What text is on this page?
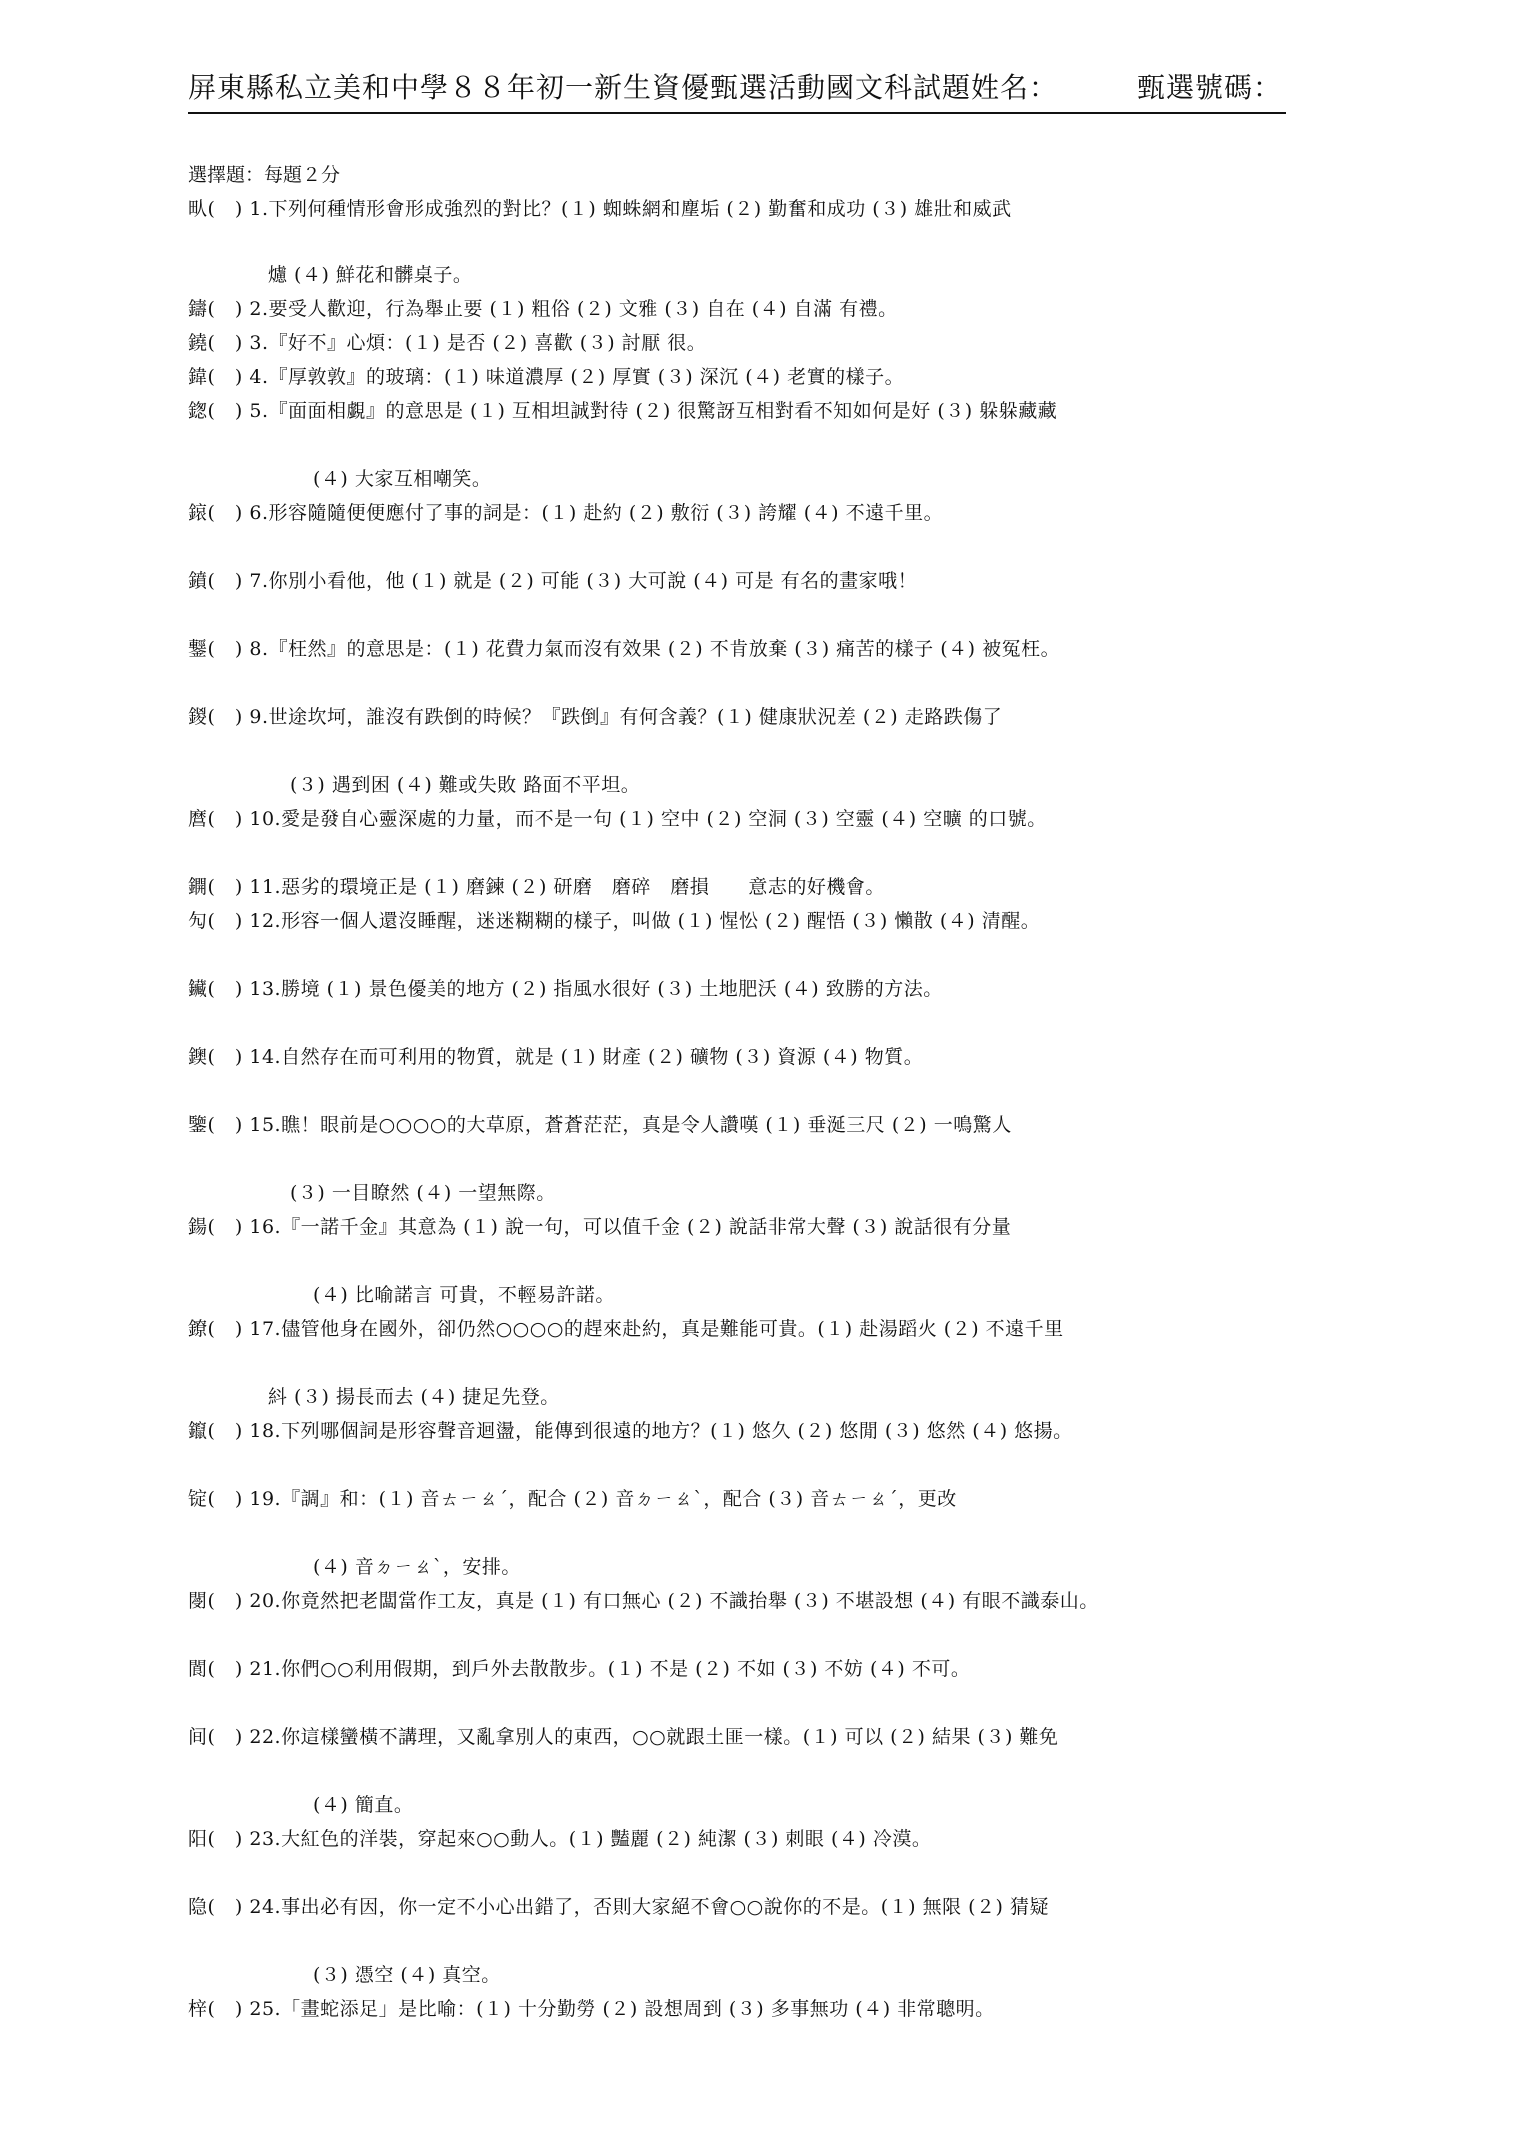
屏東縣私立美和中學８８年初一新生資優甄選活動國文科試題姓名：	甄選號碼：
選擇題：每題２分
㽗(　) 1.下列何種情形會形成強烈的對比？(１) 蜘蛛網和塵垢 (２) 勤奮和成功 (３) 雄壯和威武
爈 (４) 鮮花和髒桌子。
鑄(　) 2.要受人歡迎，行為舉止要 (１) 粗俗 (２) 文雅 (３) 自在 (４) 自滿 有禮。
鐃(　) 3.『好不』心煩：(１) 是否 (２) 喜歡 (３) 討厭 很。
鍏(　) 4.『厚敦敦』的玻璃：(１) 味道濃厚 (２) 厚實 (３) 深沉 (４) 老實的樣子。
鍯(　) 5.『面面相覷』的意思是 (１) 互相坦誠對待 (２) 很驚訝互相對看不知如何是好 (３) 躲躲藏藏
(４) 大家互相嘲笑。
鎄(　) 6.形容隨隨便便應付了事的詞是：(１) 赴約 (２) 敷衍 (３) 誇耀 (４) 不遠千里。
鐼(　) 7.你別小看他，他 (１) 就是 (２) 可能 (３) 大可說 (４) 可是 有名的畫家哦！
鑋(　) 8.『枉然』的意思是：(１) 花費力氣而沒有效果 (２) 不肯放棄 (３) 痛苦的樣子 (４) 被冤枉。
鍐(　) 9.世途坎坷，誰沒有跌倒的時候？『跌倒』有何含義？(１) 健康狀況差 (２) 走路跌傷了
(３) 遇到困 (４) 難或失敗 路面不平坦。
麿(　) 10.愛是發自心靈深處的力量，而不是一句 (１) 空中 (２) 空洞 (３) 空靈 (４) 空曠 的口號。
鐦(　) 11.惡劣的環境正是 (１) 磨鍊 (２) 研磨　磨碎　磨損　　意志的好機會。
勼(　) 12.形容一個人還沒睡醒，迷迷糊糊的樣子，叫做 (１) 惺忪 (２) 醒悟 (３) 懶散 (４) 清醒。
鑶(　) 13.勝境 (１) 景色優美的地方 (２) 指風水很好 (３) 土地肥沃 (４) 致勝的方法。
鐭(　) 14.自然存在而可利用的物質，就是 (１) 財產 (２) 礦物 (３) 資源 (４) 物質。
鑒(　) 15.瞧！眼前是○○○○的大草原，蒼蒼茫茫，真是令人讚嘆 (１) 垂涎三尺 (２) 一鳴驚人
(３) 一目瞭然 (４) 一望無際。
鍚(　) 16.『一諾千金』其意為 (１) 說一句，可以值千金 (２) 說話非常大聲 (３) 說話很有分量
(４) 比喻諾言 可貴，不輕易許諾。
鐐(　) 17.儘管他身在國外，卻仍然○○○○的趕來赴約，真是難能可貴。(１) 赴湯蹈火 (２) 不遠千里
紏 (３) 揚長而去 (４) 捷足先登。
鑹(　) 18.下列哪個詞是形容聲音迴盪，能傳到很遠的地方？(１) 悠久 (２) 悠閒 (３) 悠然 (４) 悠揚。
锭(　) 19.『調』和：(１) 音ㄊㄧㄠˊ，配合 (２) 音ㄉㄧㄠˋ，配合 (３) 音ㄊㄧㄠˊ，更改
(４) 音ㄉㄧㄠˋ，安排。
閿(　) 20.你竟然把老闆當作工友，真是 (１) 有口無心 (２) 不識抬舉 (３) 不堪設想 (４) 有眼不識泰山。
閬(　) 21.你們○○利用假期，到戶外去散散步。(１) 不是 (２) 不如 (３) 不妨 (４) 不可。
间(　) 22.你這樣蠻橫不講理，又亂拿別人的東西，○○就跟土匪一樣。(１) 可以 (２) 結果 (３) 難免
(４) 簡直。
阳(　) 23.大紅色的洋裝，穿起來○○動人。(１) 豔麗 (２) 純潔 (３) 刺眼 (４) 冷漠。
隐(　) 24.事出必有因，你一定不小心出錯了，否則大家絕不會○○說你的不是。(１) 無限 (２) 猜疑
(３) 憑空 (４) 真空。
梓(　) 25.「畫蛇添足」是比喻：(１) 十分勤勞 (２) 設想周到 (３) 多事無功 (４) 非常聰明。
